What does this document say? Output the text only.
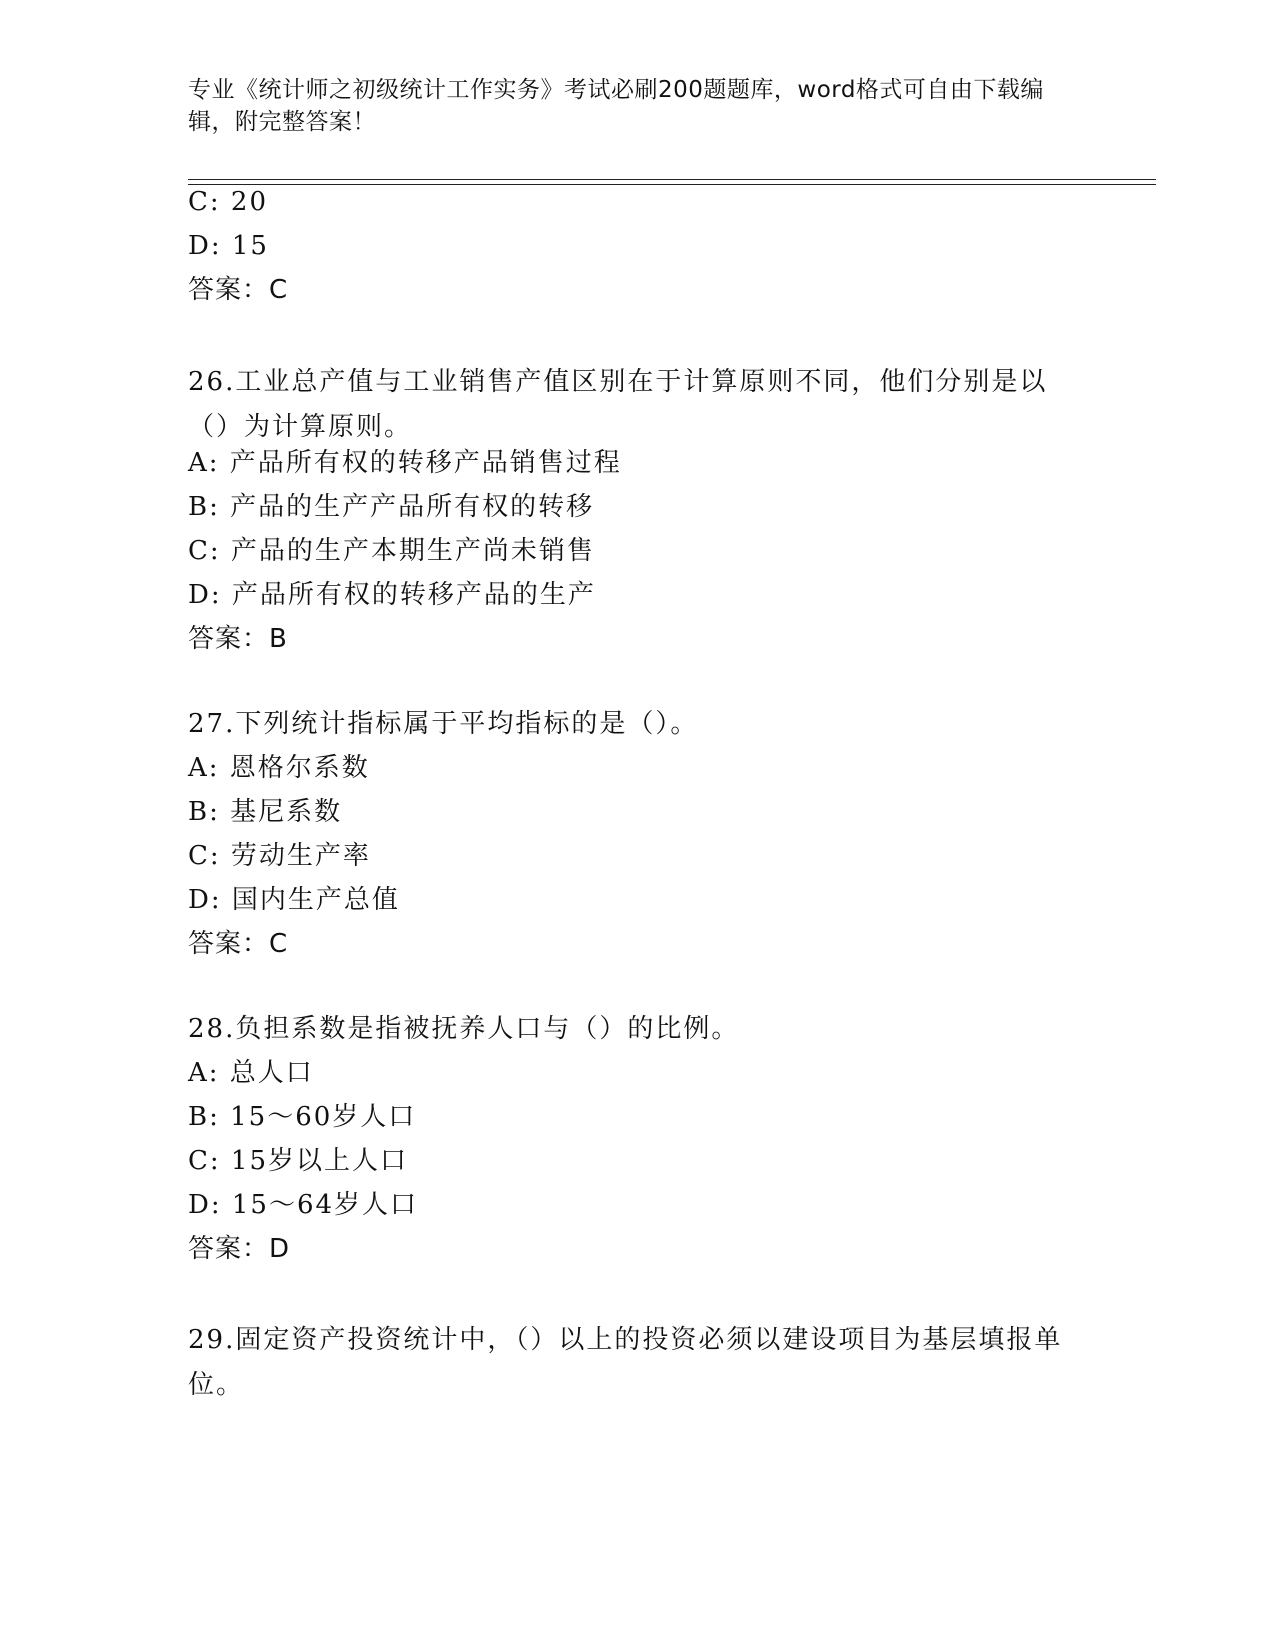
专业《统计师之初级统计工作实务》考试必刷200题题库，word格式可自由下载编辑，附完整答案！
C: 20
D: 15
答案：C
26.工业总产值与工业销售产值区别在于计算原则不同，他们分别是以（）为计算原则。
A: 产品所有权的转移产品销售过程
B: 产品的生产产品所有权的转移
C: 产品的生产本期生产尚未销售
D: 产品所有权的转移产品的生产
答案：B
27.下列统计指标属于平均指标的是（）。
A: 恩格尔系数
B: 基尼系数
C: 劳动生产率
D: 国内生产总值
答案：C
28.负担系数是指被抚养人口与（）的比例。
A: 总人口
B: 15～60岁人口
C: 15岁以上人口
D: 15～64岁人口
答案：D
29.固定资产投资统计中，（）以上的投资必须以建设项目为基层填报单位。
